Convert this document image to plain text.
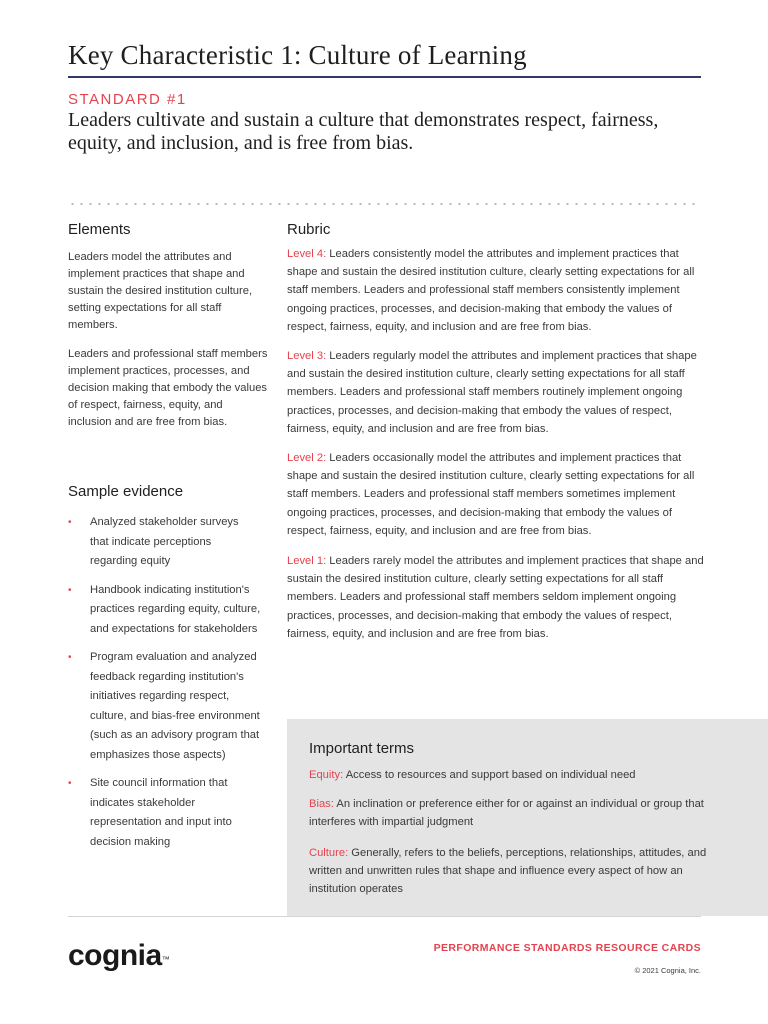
Key Characteristic 1: Culture of Learning
STANDARD #1

Leaders cultivate and sustain a culture that demonstrates respect, fairness, equity, and inclusion, and is free from bias.

Elements

Leaders model the attributes and implement practices that shape and sustain the desired institution culture, setting expectations for all staff members.

Leaders and professional staff members implement practices, processes, and decision making that embody the values of respect, fairness, equity, and inclusion and are free from bias.

Sample evidence
• Analyzed stakeholder surveys that indicate perceptions regarding equity
• Handbook indicating institution's practices regarding equity, culture, and expectations for stakeholders
• Program evaluation and analyzed feedback regarding institution's initiatives regarding respect, culture, and bias-free environment (such as an advisory program that emphasizes those aspects)
• Site council information that indicates stakeholder representation and input into decision making
Rubric

Level 4: Leaders consistently model the attributes and implement practices that shape and sustain the desired institution culture, clearly setting expectations for all staff members. Leaders and professional staff members consistently implement ongoing practices, processes, and decision-making that embody the values of respect, fairness, equity, and inclusion and are free from bias.

Level 3: Leaders regularly model the attributes and implement practices that shape and sustain the desired institution culture, clearly setting expectations for all staff members. Leaders and professional staff members routinely implement ongoing practices, processes, and decision-making that embody the values of respect, fairness, equity, and inclusion and are free from bias.

Level 2: Leaders occasionally model the attributes and implement practices that shape and sustain the desired institution culture, clearly setting expectations for all staff members. Leaders and professional staff members sometimes implement ongoing practices, processes, and decision-making that embody the values of respect, fairness, equity, and inclusion and are free from bias.

Level 1: Leaders rarely model the attributes and implement practices that shape and sustain the desired institution culture, clearly setting expectations for all staff members. Leaders and professional staff members seldom implement ongoing practices, processes, and decision-making that embody the values of respect, fairness, equity, and inclusion and are free from bias.

Important terms

Equity: Access to resources and support based on individual need

Bias: An inclination or preference either for or against an individual or group that interferes with impartial judgment

Culture: Generally, refers to the beliefs, perceptions, relationships, attitudes, and written and unwritten rules that shape and influence every aspect of how an institution operates

cognia™
PERFORMANCE STANDARDS RESOURCE CARDS
© 2021 Cognia, Inc.
